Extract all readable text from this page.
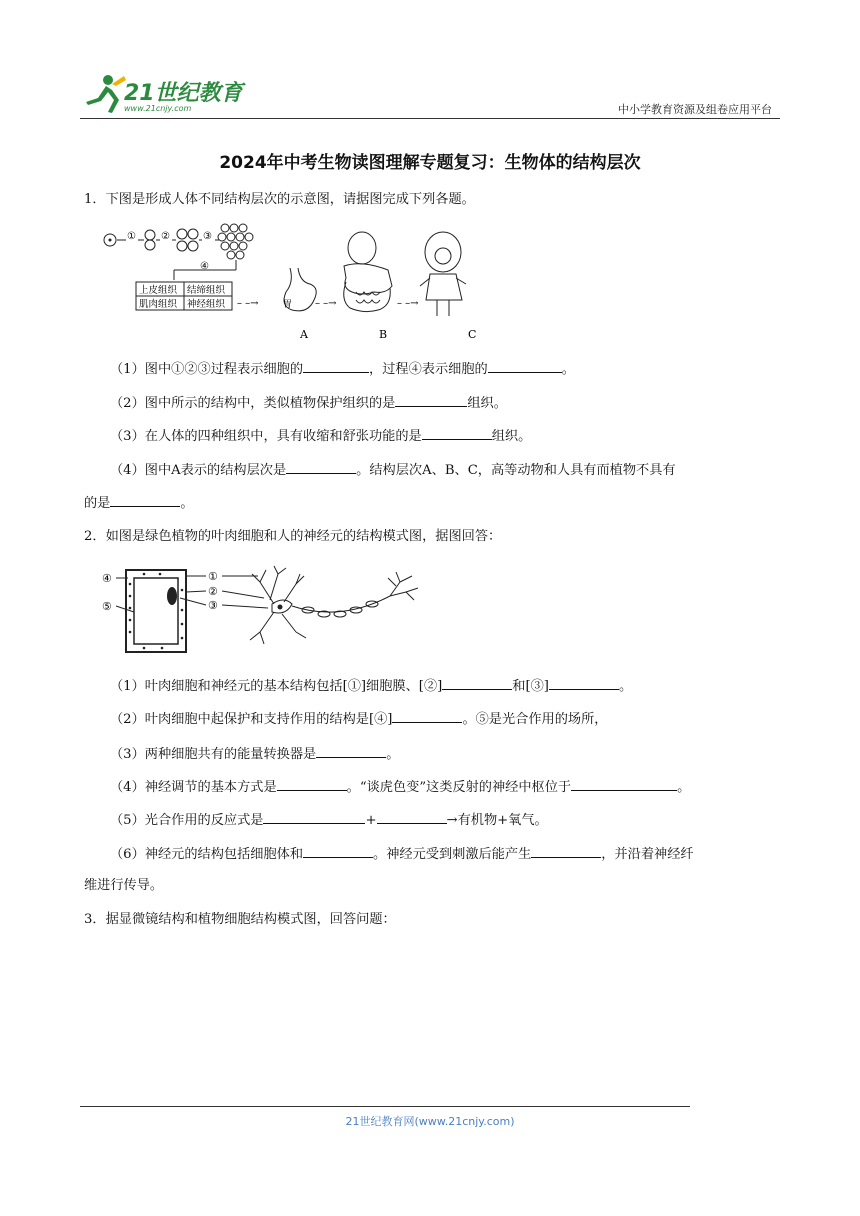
21世纪教育
www.21cnjy.com	中小学教育资源及组卷应用平台
2024年中考生物读图理解专题复习：生物体的结构层次
1．下图是形成人体不同结构层次的示意图，请据图完成下列各题。
①	②	③
④
上皮组织 结缔组织
肌肉组织 神经组织 – –→	胃 – –→	– –→
A	B	C
（1）图中①②③过程表示细胞的	，过程④表示细胞的	。
（2）图中所示的结构中，类似植物保护组织的是	组织。
（3）在人体的四种组织中，具有收缩和舒张功能的是	组织。
（4）图中A表示的结构层次是	。结构层次A、B、C，高等动物和人具有而植物不具有
的是	。
2．如图是绿色植物的叶肉细胞和人的神经元的结构模式图，据图回答：
④
⑤
①
②
③
（1）叶肉细胞和神经元的基本结构包括[①]细胞膜、[②]	和[③]	。
（2）叶肉细胞中起保护和支持作用的结构是[④]	。⑤是光合作用的场所，
（3）两种细胞共有的能量转换器是	。
（4）神经调节的基本方式是	。“谈虎色变”这类反射的神经中枢位于	。
（5）光合作用的反应式是	+	→有机物+氧气。
（6）神经元的结构包括细胞体和	。神经元受到刺激后能产生	，并沿着神经纤
维进行传导。
3．据显微镜结构和植物细胞结构模式图，回答问题：
21世纪教育网(www.21cnjy.com)
